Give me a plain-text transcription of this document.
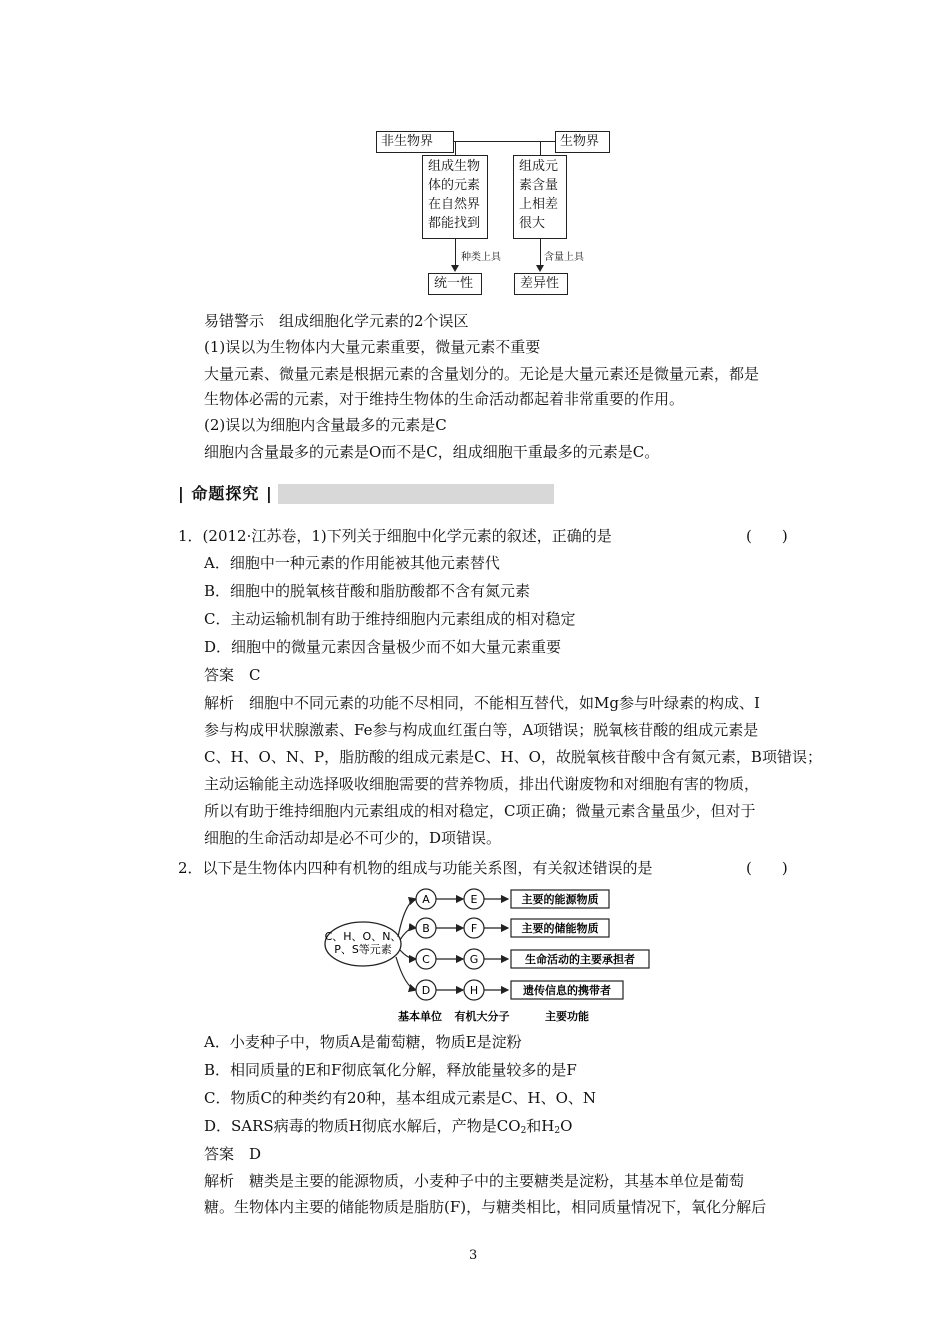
非生物界	生物界
组成生物
体的元素
在自然界
都能找到
组成元
素含量
上相差
很大
种类上具	含量上具
统一性	差异性
易错警示　组成细胞化学元素的2个误区
(1)误以为生物体内大量元素重要，微量元素不重要
大量元素、微量元素是根据元素的含量划分的。无论是大量元素还是微量元素，都是
生物体必需的元素，对于维持生物体的生命活动都起着非常重要的作用。
(2)误以为细胞内含量最多的元素是C
细胞内含量最多的元素是O而不是C，组成细胞干重最多的元素是C。
| 命题探究 |
1．(2012·江苏卷，1)下列关于细胞中化学元素的叙述，正确的是	(　　)
A．细胞中一种元素的作用能被其他元素替代
B．细胞中的脱氧核苷酸和脂肪酸都不含有氮元素
C．主动运输机制有助于维持细胞内元素组成的相对稳定
D．细胞中的微量元素因含量极少而不如大量元素重要
答案　C
解析　细胞中不同元素的功能不尽相同，不能相互替代，如Mg参与叶绿素的构成、I
参与构成甲状腺激素、Fe参与构成血红蛋白等，A项错误；脱氧核苷酸的组成元素是
C、H、O、N、P，脂肪酸的组成元素是C、H、O，故脱氧核苷酸中含有氮元素，B项错误；
主动运输能主动选择吸收细胞需要的营养物质，排出代谢废物和对细胞有害的物质，
所以有助于维持细胞内元素组成的相对稳定，C项正确；微量元素含量虽少，但对于
细胞的生命活动却是必不可少的，D项错误。
2．以下是生物体内四种有机物的组成与功能关系图，有关叙述错误的是	(　　)
C、H、O、N、
P、S等元素
A	E	主要的能源物质
B	F	主要的储能物质
C	G	生命活动的主要承担者
D	H	遗传信息的携带者
基本单位 有机大分子	主要功能
A．小麦种子中，物质A是葡萄糖，物质E是淀粉
B．相同质量的E和F彻底氧化分解，释放能量较多的是F
C．物质C的种类约有20种，基本组成元素是C、H、O、N
D．SARS病毒的物质H彻底水解后，产物是$CO_2$和$H_2O$
答案　D
解析　糖类是主要的能源物质，小麦种子中的主要糖类是淀粉，其基本单位是葡萄
糖。生物体内主要的储能物质是脂肪(F)，与糖类相比，相同质量情况下，氧化分解后
3
